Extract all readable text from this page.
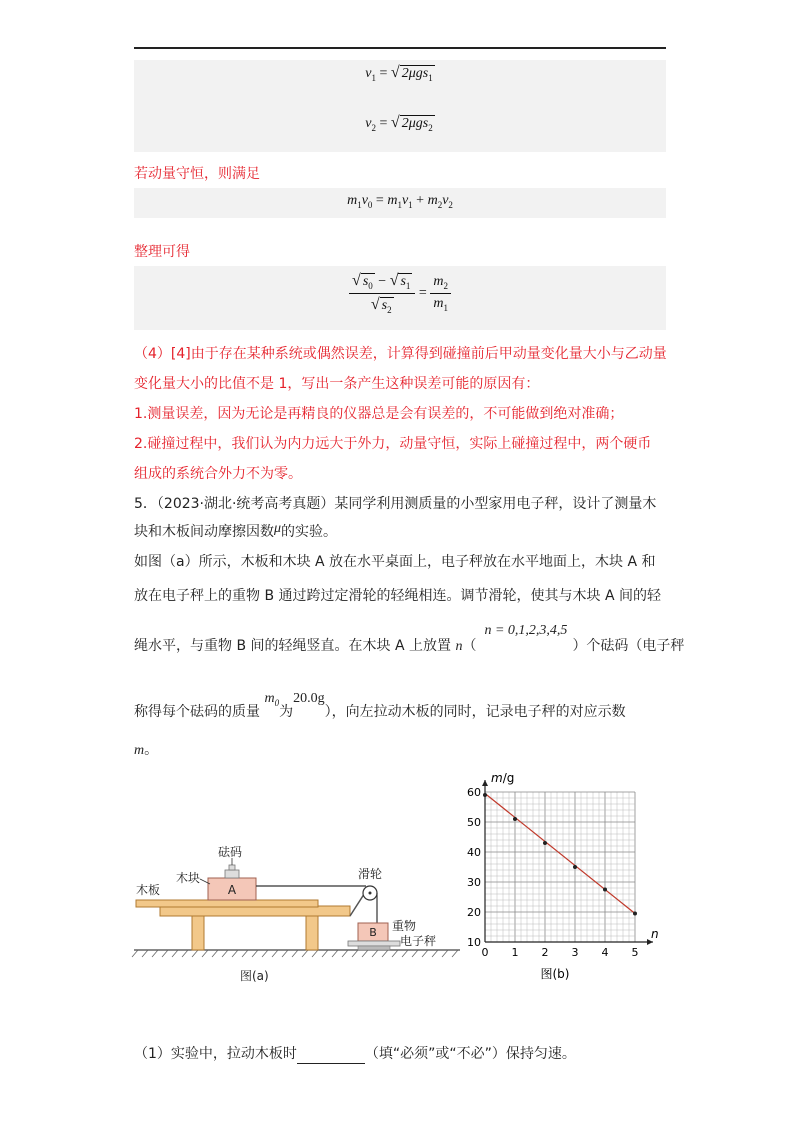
$v_1$ = √ 2μgs$_1$
$v_2$ = √ 2μgs$_2$
若动量守恒，则满足
$m_1v_0 = m_1v_1 + m_2v_2$
整理可得
$\frac{√ s_0 - √ s_1}{√ s_2} = \frac{m_2}{m_1}$
（4）[4]由于存在某种系统或偶然误差，计算得到碰撞前后甲动量变化量大小与乙动量
变化量大小的比值不是 1，写出一条产生这种误差可能的原因有：
1.测量误差，因为无论是再精良的仪器总是会有误差的，不可能做到绝对准确；
2.碰撞过程中，我们认为内力远大于外力，动量守恒，实际上碰撞过程中，两个硬币
组成的系统合外力不为零。
5．（2023·湖北·统考高考真题）某同学利用测质量的小型家用电子秤，设计了测量木
块和木板间动摩擦因数μ的实验。
如图（a）所示，木板和木块 A 放在水平桌面上，电子秤放在水平地面上，木块 A 和
放在电子秤上的重物 B 通过跨过定滑轮的轻绳相连。调节滑轮，使其与木块 A 间的轻
绳水平，与重物 B 间的轻绳竖直。在木块 A 上放置 n（n = 0,1,2,3,4,5）个砝码（电子秤
称得每个砝码的质量 $m_0$为20.0g），向左拉动木板的同时，记录电子秤的对应示数
m。
A
B
砝码
木块
木板
滑轮
重物
电子秤
图(a)
0 1 2 3 4 5
10
20
30
40
50
60
n
m/g
图(b)
（1）实验中，拉动木板时	（填“必须”或“不必”）保持匀速。
